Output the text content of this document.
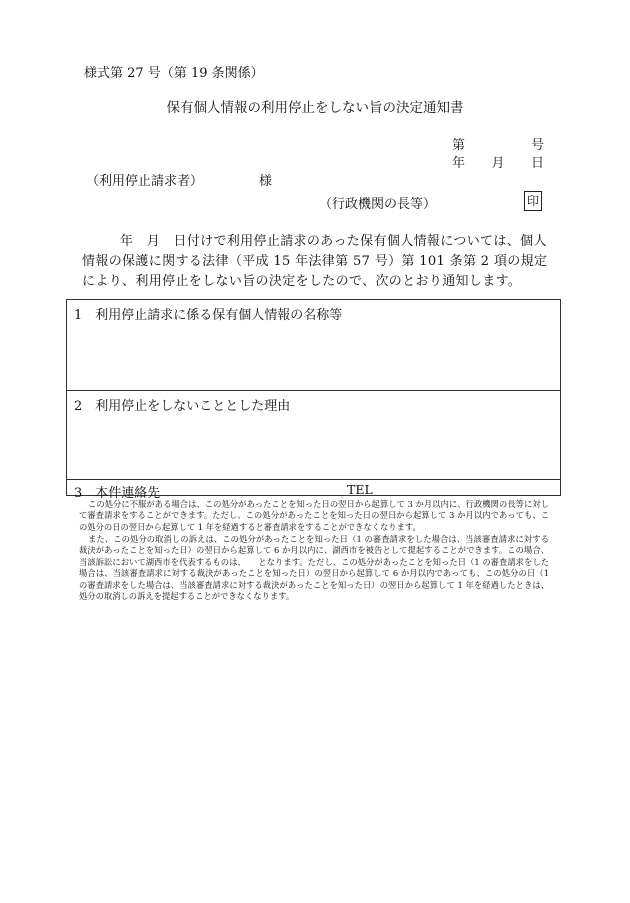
様式第 27 号（第 19 条関係）
保有個人情報の利用停止をしない旨の決定通知書
第	号
年 月 日
（利用停止請求者）	様
（行政機関の長等）	印
年　月　日付けで利用停止請求のあった保有個人情報については、個人情報の保護に関する法律（平成 15 年法律第 57 号）第 101 条第 2 項の規定により、利用停止をしない旨の決定をしたので、次のとおり通知します。
1　利用停止請求に係る保有個人情報の名称等
2　利用停止をしないこととした理由
3　本件連絡先	TEL
この処分に不服がある場合は、この処分があったことを知った日の翌日から起算して 3 か月以内に、行政機関の長等に対して審査請求をすることができます。ただし、この処分があったことを知った日の翌日から起算して 3 か月以内であっても、この処分の日の翌日から起算して 1 年を経過すると審査請求をすることができなくなります。
また、この処分の取消しの訴えは、この処分があったことを知った日（1 の審査請求をした場合は、当該審査請求に対する裁決があったことを知った日）の翌日から起算して 6 か月以内に、湖西市を被告として提起することができます。この場合、当該訴訟において湖西市を代表するものは、　　となります。ただし、この処分があったことを知った日（1 の審査請求をした場合は、当該審査請求に対する裁決があったことを知った日）の翌日から起算して 6 か月以内であっても、この処分の日（1 の審査請求をした場合は、当該審査請求に対する裁決があったことを知った日）の翌日から起算して 1 年を経過したときは、処分の取消しの訴えを提起することができなくなります。
